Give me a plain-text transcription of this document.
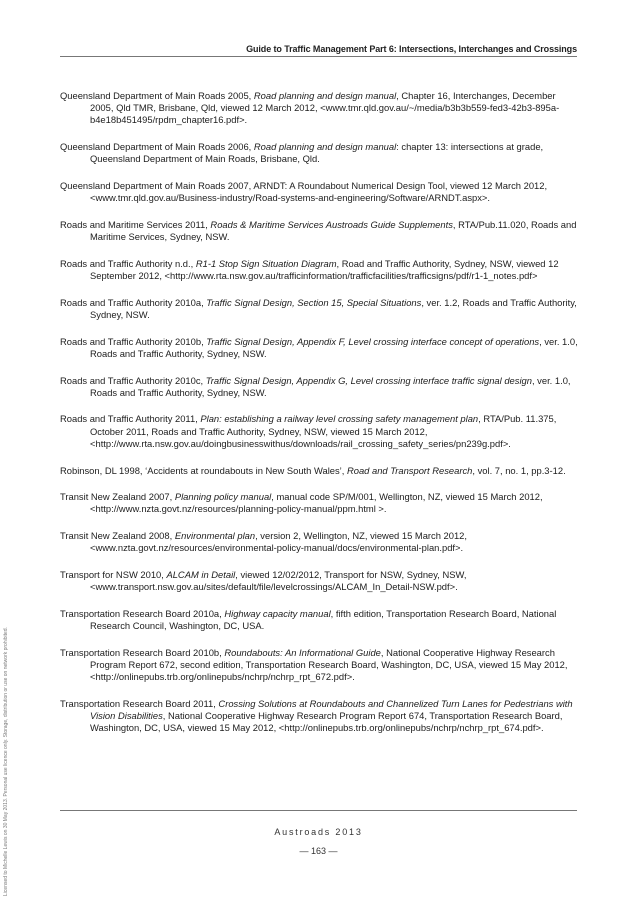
Guide to Traffic Management Part 6: Intersections, Interchanges and Crossings

Queensland Department of Main Roads 2005, Road planning and design manual, Chapter 16, Interchanges, December 2005, Qld TMR, Brisbane, Qld, viewed 12 March 2012, <www.tmr.qld.gov.au/~/media/b3b3b559-fed3-42b3-895a-b4e18b451495/rpdm_chapter16.pdf>.

Queensland Department of Main Roads 2006, Road planning and design manual: chapter 13: intersections at grade, Queensland Department of Main Roads, Brisbane, Qld.

Queensland Department of Main Roads 2007, ARNDT: A Roundabout Numerical Design Tool, viewed 12 March 2012, <www.tmr.qld.gov.au/Business-industry/Road-systems-and-engineering/Software/ARNDT.aspx>.

Roads and Maritime Services 2011, Roads & Maritime Services Austroads Guide Supplements, RTA/Pub.11.020, Roads and Maritime Services, Sydney, NSW.

Roads and Traffic Authority n.d., R1-1 Stop Sign Situation Diagram, Road and Traffic Authority, Sydney, NSW, viewed 12 September 2012, <http://www.rta.nsw.gov.au/trafficinformation/trafficfacilities/trafficsigns/pdf/r1-1_notes.pdf>

Roads and Traffic Authority 2010a, Traffic Signal Design, Section 15, Special Situations, ver. 1.2, Roads and Traffic Authority, Sydney, NSW.

Roads and Traffic Authority 2010b, Traffic Signal Design, Appendix F, Level crossing interface concept of operations, ver. 1.0, Roads and Traffic Authority, Sydney, NSW.

Roads and Traffic Authority 2010c, Traffic Signal Design, Appendix G, Level crossing interface traffic signal design, ver. 1.0, Roads and Traffic Authority, Sydney, NSW.

Roads and Traffic Authority 2011, Plan: establishing a railway level crossing safety management plan, RTA/Pub. 11.375, October 2011, Roads and Traffic Authority, Sydney, NSW, viewed 15 March 2012, <http://www.rta.nsw.gov.au/doingbusinesswithus/downloads/rail_crossing_safety_series/pn239g.pdf>.

Robinson, DL 1998, ‘Accidents at roundabouts in New South Wales’, Road and Transport Research, vol. 7, no. 1, pp.3-12.

Transit New Zealand 2007, Planning policy manual, manual code SP/M/001, Wellington, NZ, viewed 15 March 2012, <http://www.nzta.govt.nz/resources/planning-policy-manual/ppm.html >.

Transit New Zealand 2008, Environmental plan, version 2, Wellington, NZ, viewed 15 March 2012, <www.nzta.govt.nz/resources/environmental-policy-manual/docs/environmental-plan.pdf>.

Transport for NSW 2010, ALCAM in Detail, viewed 12/02/2012, Transport for NSW, Sydney, NSW, <www.transport.nsw.gov.au/sites/default/file/levelcrossings/ALCAM_In_Detail-NSW.pdf>.

Transportation Research Board 2010a, Highway capacity manual, fifth edition, Transportation Research Board, National Research Council, Washington, DC, USA.

Transportation Research Board 2010b, Roundabouts: An Informational Guide, National Cooperative Highway Research Program Report 672, second edition, Transportation Research Board, Washington, DC, USA, viewed 15 May 2012, <http://onlinepubs.trb.org/onlinepubs/nchrp/nchrp_rpt_672.pdf>.

Transportation Research Board 2011, Crossing Solutions at Roundabouts and Channelized Turn Lanes for Pedestrians with Vision Disabilities, National Cooperative Highway Research Program Report 674, Transportation Research Board, Washington, DC, USA, viewed 15 May 2012, <http://onlinepubs.trb.org/onlinepubs/nchrp/nchrp_rpt_674.pdf>.

Austroads 2013
— 163 —
Licensed to Michelle Lewis on 30 May 2013. Personal use licence only. Storage, distribution or use on network prohibited.
